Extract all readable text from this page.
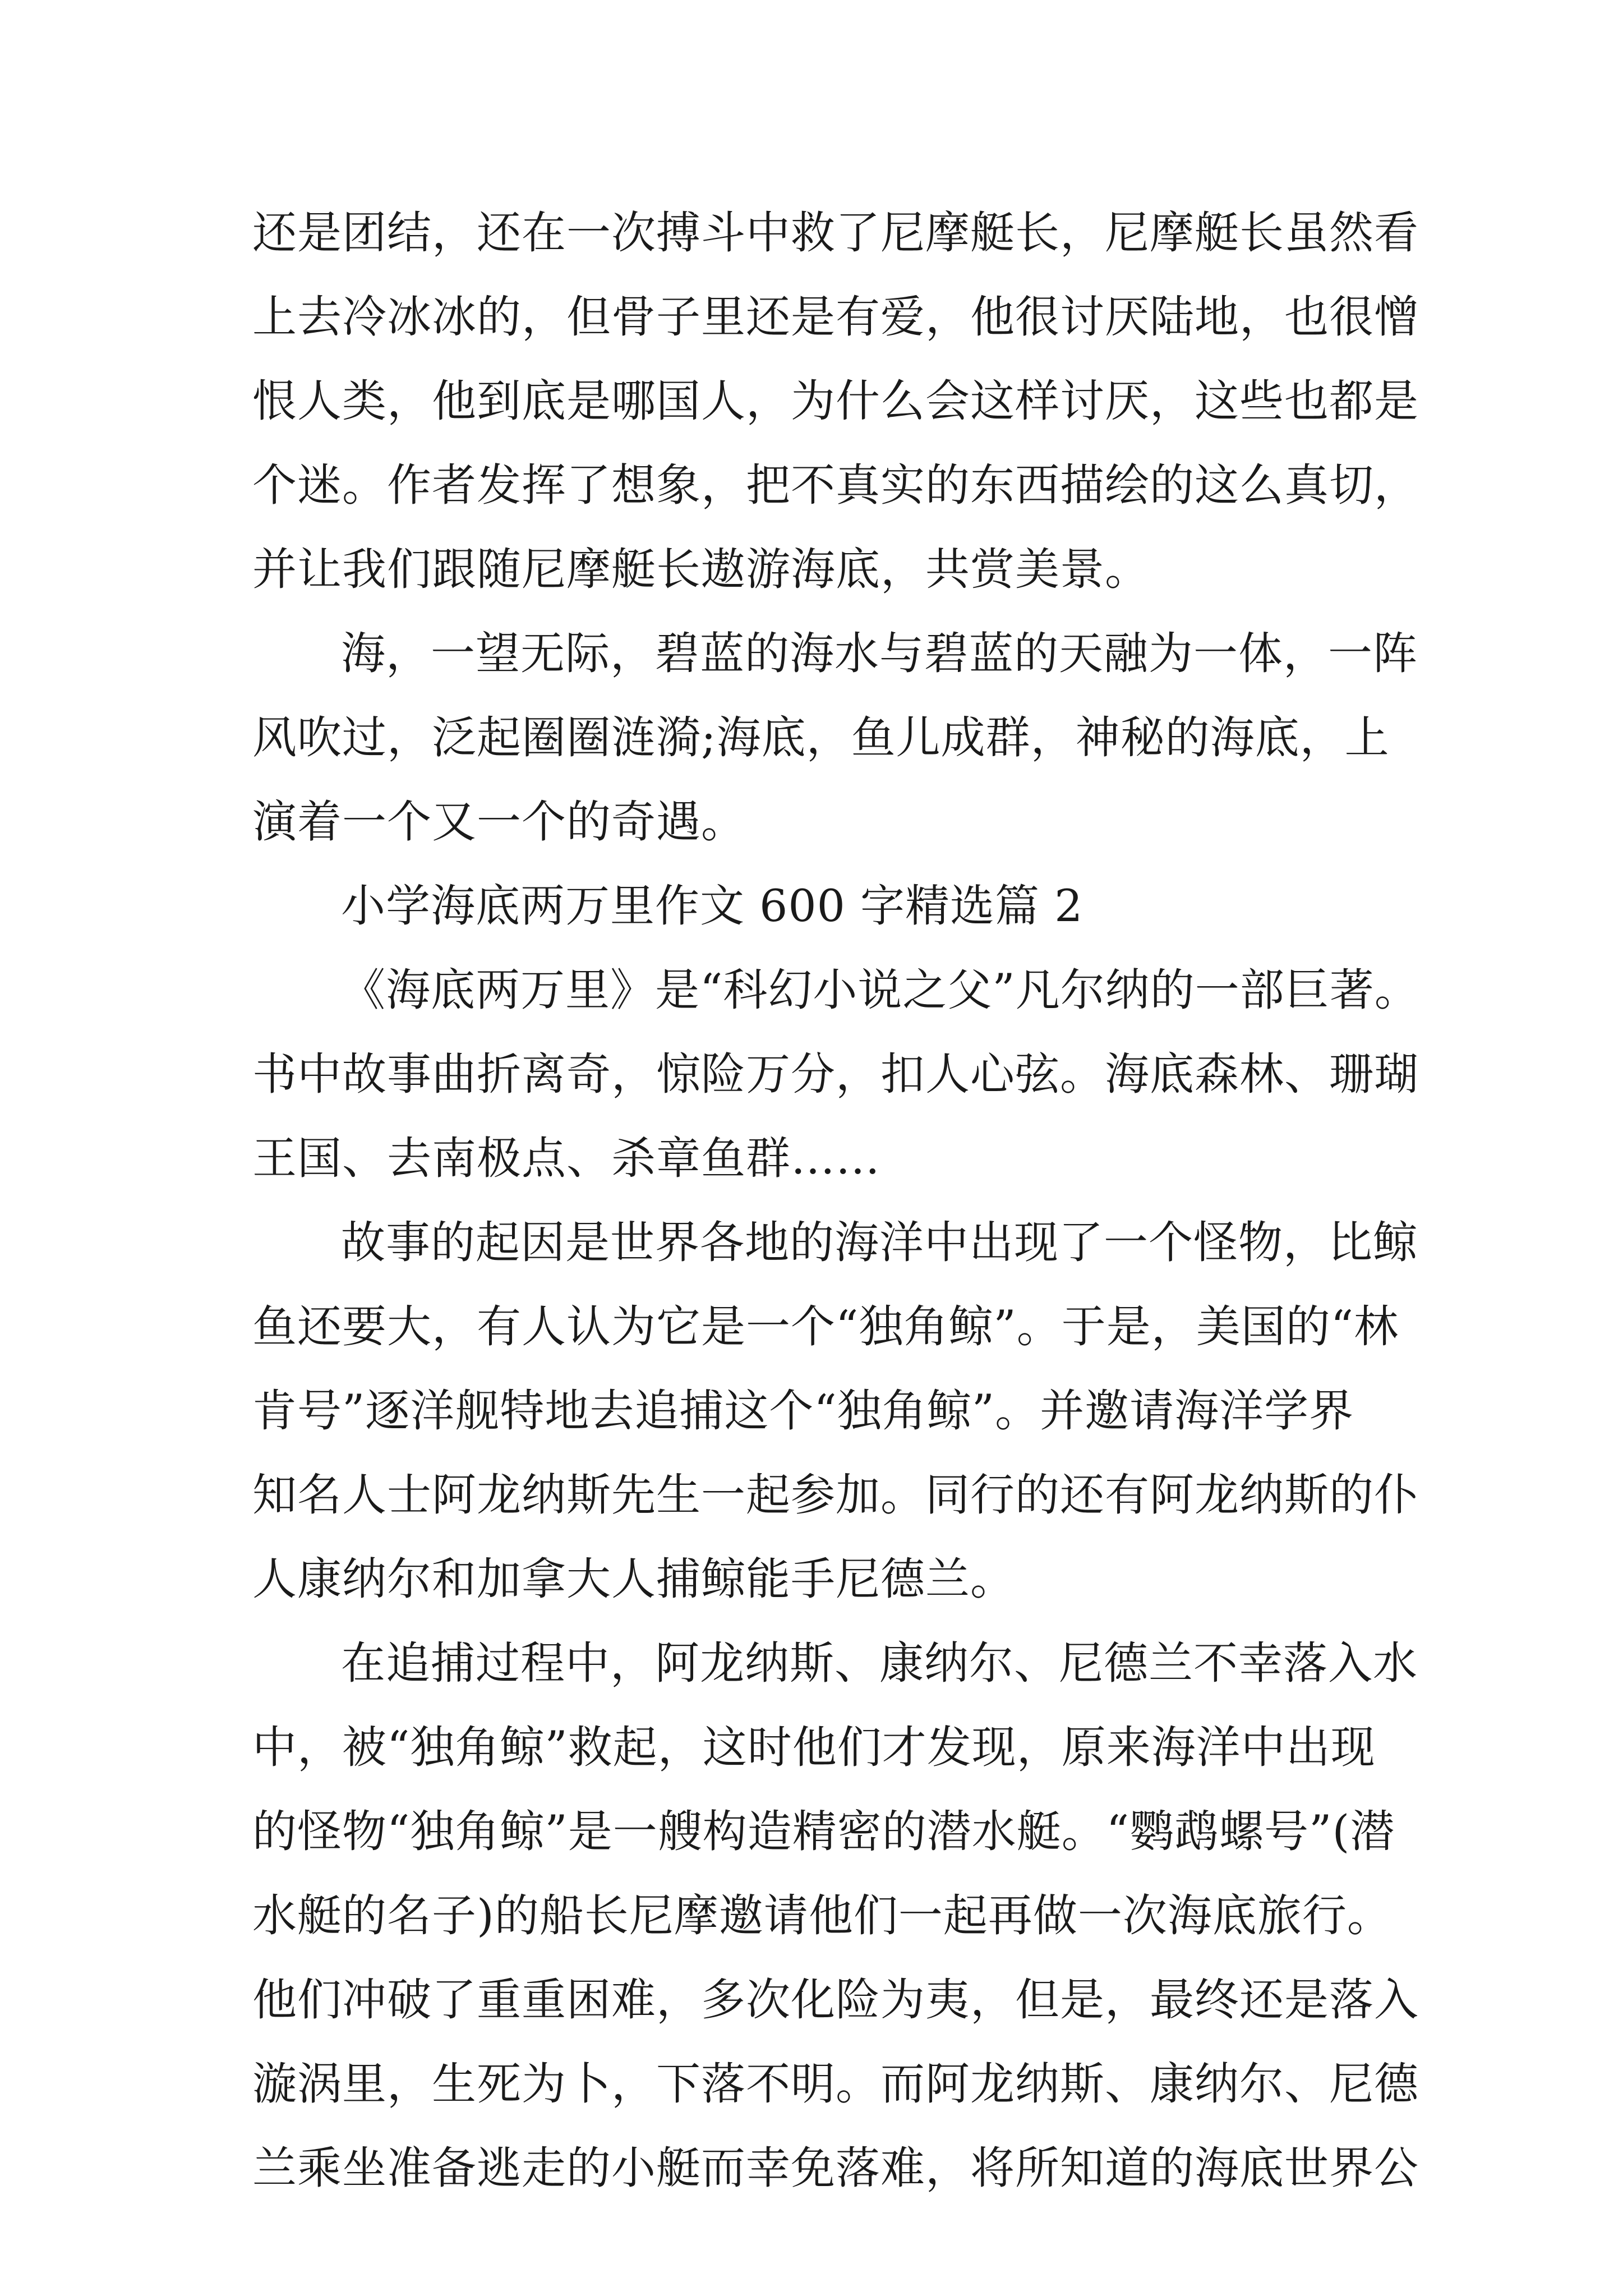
还是团结，还在一次搏斗中救了尼摩艇长，尼摩艇长虽然看
上去冷冰冰的，但骨子里还是有爱，他很讨厌陆地，也很憎
恨人类，他到底是哪国人，为什么会这样讨厌，这些也都是
个迷。作者发挥了想象，把不真实的东西描绘的这么真切，
并让我们跟随尼摩艇长遨游海底，共赏美景。
海，一望无际，碧蓝的海水与碧蓝的天融为一体，一阵
风吹过，泛起圈圈涟漪;海底，鱼儿成群，神秘的海底，上
演着一个又一个的奇遇。
小学海底两万里作文 600 字精选篇 2
《海底两万里》是“科幻小说之父”凡尔纳的一部巨著。
书中故事曲折离奇，惊险万分，扣人心弦。海底森林、珊瑚
王国、去南极点、杀章鱼群……
故事的起因是世界各地的海洋中出现了一个怪物，比鲸
鱼还要大，有人认为它是一个“独角鲸”。于是，美国的“林
肯号”逐洋舰特地去追捕这个“独角鲸”。并邀请海洋学界
知名人士阿龙纳斯先生一起参加。同行的还有阿龙纳斯的仆
人康纳尔和加拿大人捕鲸能手尼德兰。
在追捕过程中，阿龙纳斯、康纳尔、尼德兰不幸落入水
中，被“独角鲸”救起，这时他们才发现，原来海洋中出现
的怪物“独角鲸”是一艘构造精密的潜水艇。“鹦鹉螺号”(潜
水艇的名子)的船长尼摩邀请他们一起再做一次海底旅行。
他们冲破了重重困难，多次化险为夷，但是，最终还是落入
漩涡里，生死为卜，下落不明。而阿龙纳斯、康纳尔、尼德
兰乘坐准备逃走的小艇而幸免落难，将所知道的海底世界公
